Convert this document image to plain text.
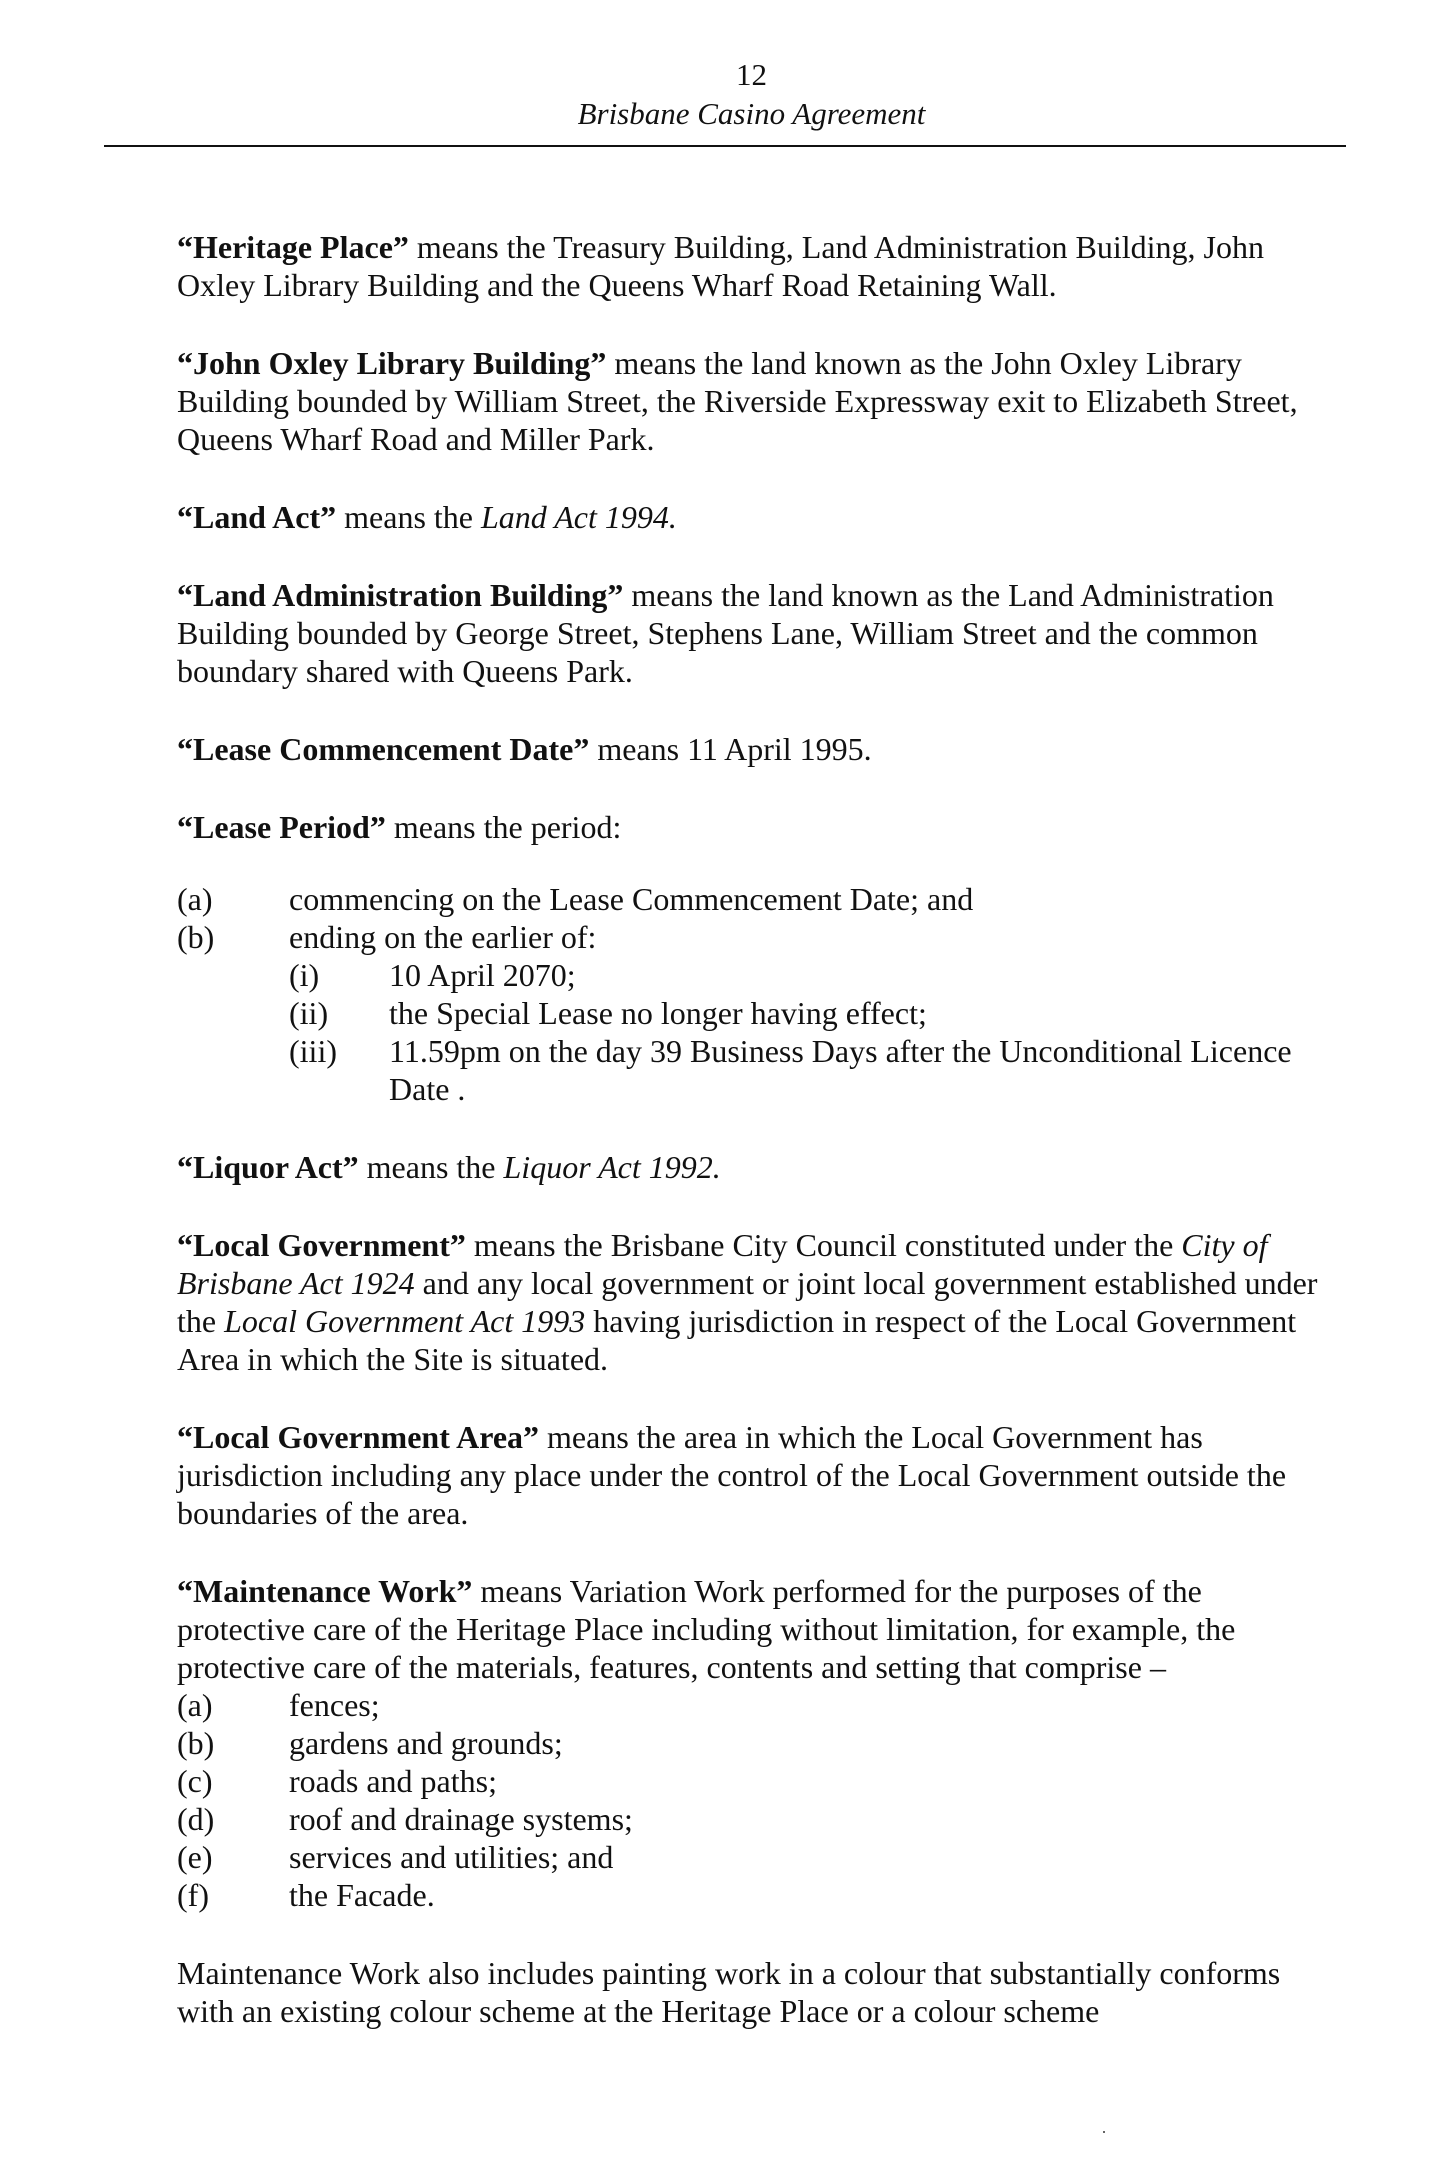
12
Brisbane Casino Agreement

“Heritage Place” means the Treasury Building, Land Administration Building, John Oxley Library Building and the Queens Wharf Road Retaining Wall.

“John Oxley Library Building” means the land known as the John Oxley Library Building bounded by William Street, the Riverside Expressway exit to Elizabeth Street, Queens Wharf Road and Miller Park.

“Land Act” means the Land Act 1994.

“Land Administration Building” means the land known as the Land Administration Building bounded by George Street, Stephens Lane, William Street and the common boundary shared with Queens Park.

“Lease Commencement Date” means 11 April 1995.

“Lease Period” means the period:

(a)	commencing on the Lease Commencement Date; and
(b)	ending on the earlier of:
(i)	10 April 2070;
(ii)	the Special Lease no longer having effect;
(iii)	11.59pm on the day 39 Business Days after the Unconditional Licence Date .

“Liquor Act” means the Liquor Act 1992.

“Local Government” means the Brisbane City Council constituted under the City of Brisbane Act 1924 and any local government or joint local government established under the Local Government Act 1993 having jurisdiction in respect of the Local Government Area in which the Site is situated.

“Local Government Area” means the area in which the Local Government has jurisdiction including any place under the control of the Local Government outside the boundaries of the area.

“Maintenance Work” means Variation Work performed for the purposes of the protective care of the Heritage Place including without limitation, for example, the protective care of the materials, features, contents and setting that comprise –

(a)	fences;
(b)	gardens and grounds;
(c)	roads and paths;
(d)	roof and drainage systems;
(e)	services and utilities; and
(f)	the Facade.

Maintenance Work also includes painting work in a colour that substantially conforms with an existing colour scheme at the Heritage Place or a colour scheme
